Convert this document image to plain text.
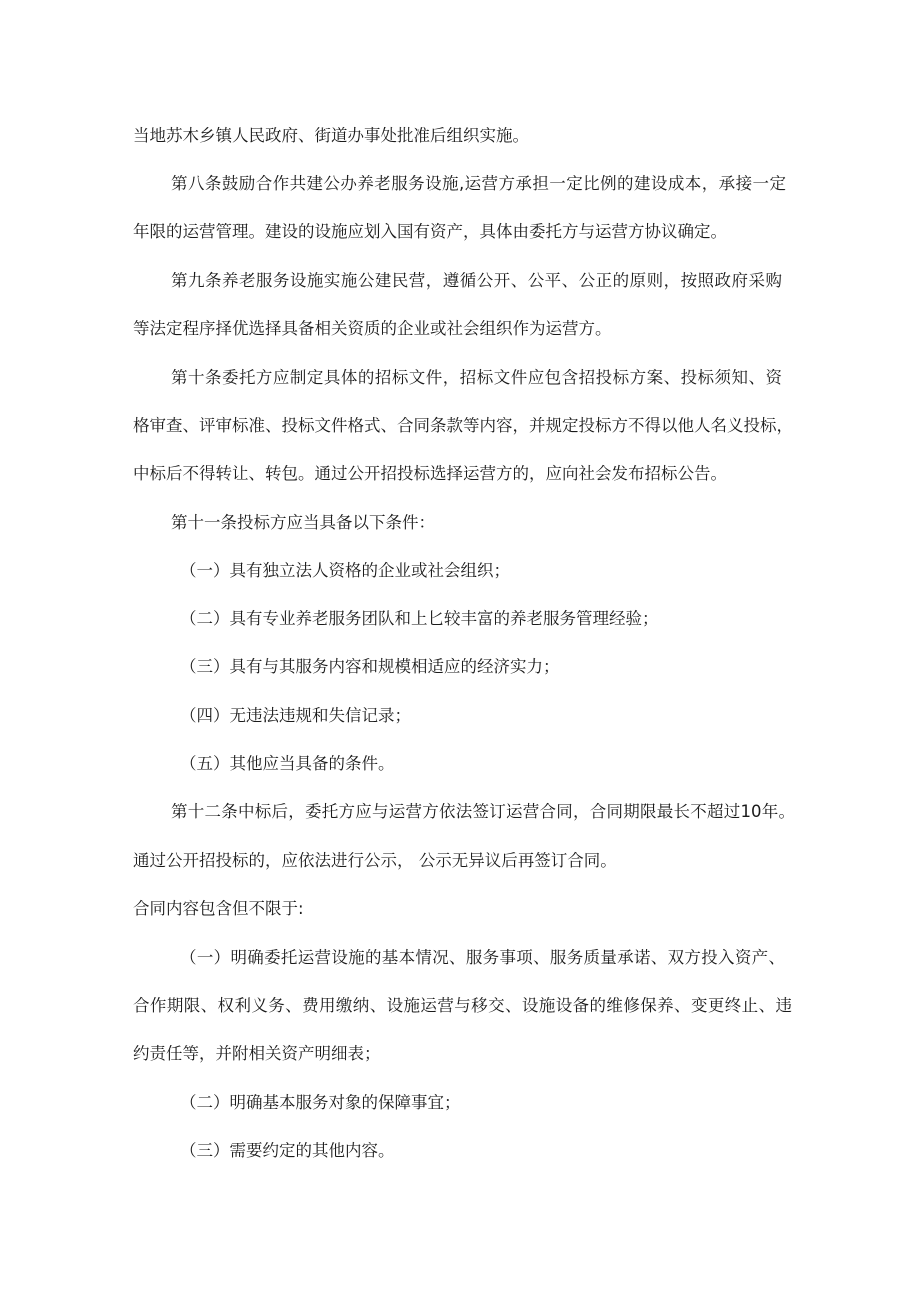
当地苏木乡镇人民政府、街道办事处批准后组织实施。
第八条鼓励合作共建公办养老服务设施,运营方承担一定比例的建设成本，承接一定
年限的运营管理。建设的设施应划入国有资产，具体由委托方与运营方协议确定。
第九条养老服务设施实施公建民营，遵循公开、公平、公正的原则，按照政府采购
等法定程序择优选择具备相关资质的企业或社会组织作为运营方。
第十条委托方应制定具体的招标文件，招标文件应包含招投标方案、投标须知、资
格审查、评审标准、投标文件格式、合同条款等内容，并规定投标方不得以他人名义投标，
中标后不得转让、转包。通过公开招投标选择运营方的，应向社会发布招标公告。
第十一条投标方应当具备以下条件：
（一）具有独立法人资格的企业或社会组织；
（二）具有专业养老服务团队和上匕较丰富的养老服务管理经验；
（三）具有与其服务内容和规模相适应的经济实力；
（四）无违法违规和失信记录；
（五）其他应当具备的条件。
第十二条中标后，委托方应与运营方依法签订运营合同，合同期限最长不超过10年。
通过公开招投标的，应依法进行公示， 公示无异议后再签订合同。
合同内容包含但不限于:
（一）明确委托运营设施的基本情况、服务事项、服务质量承诺、双方投入资产、
合作期限、权利义务、费用缴纳、设施运营与移交、设施设备的维修保养、变更终止、违
约责任等，并附相关资产明细表；
（二）明确基本服务对象的保障事宜；
（三）需要约定的其他内容。
